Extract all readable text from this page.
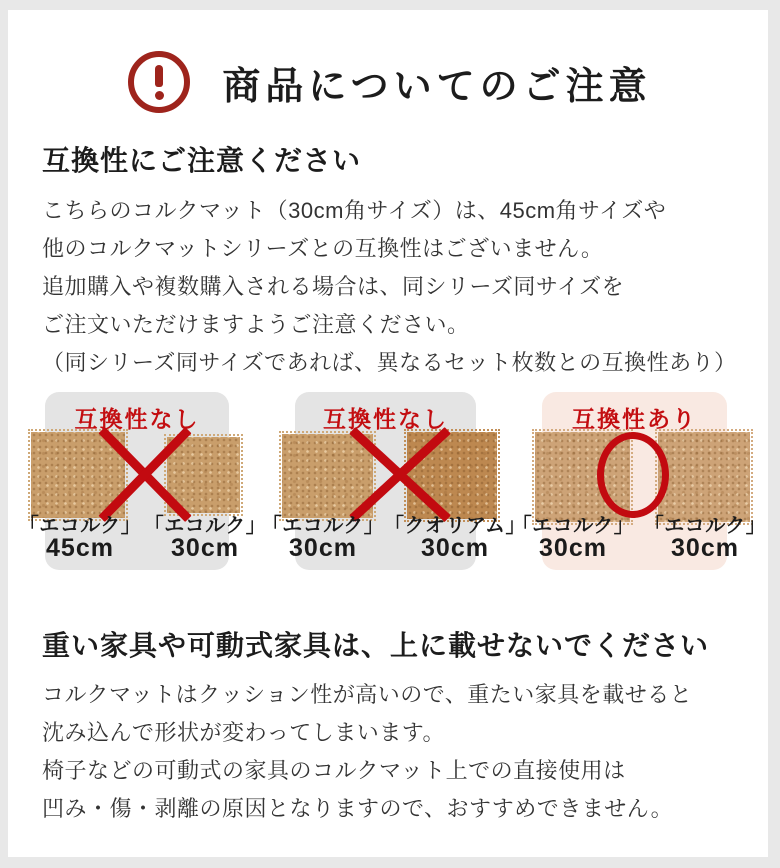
商品についてのご注意
互換性にご注意ください
こちらのコルクマット（30cm角サイズ）は、45cm角サイズや
他のコルクマットシリーズとの互換性はございません。
追加購入や複数購入される場合は、同シリーズ同サイズを
ご注文いただけますようご注意ください。
（同シリーズ同サイズであれば、異なるセット枚数との互換性あり）
互換性なし
「エコルク」
45cm
「エコルク」
30cm
互換性なし
「エコルク」
30cm
「クオリアム」
30cm
互換性あり
「エコルク」
30cm
「エコルク」
30cm
重い家具や可動式家具は、上に載せないでください
コルクマットはクッション性が高いので、重たい家具を載せると
沈み込んで形状が変わってしまいます。
椅子などの可動式の家具のコルクマット上での直接使用は
凹み・傷・剥離の原因となりますので、おすすめできません。
